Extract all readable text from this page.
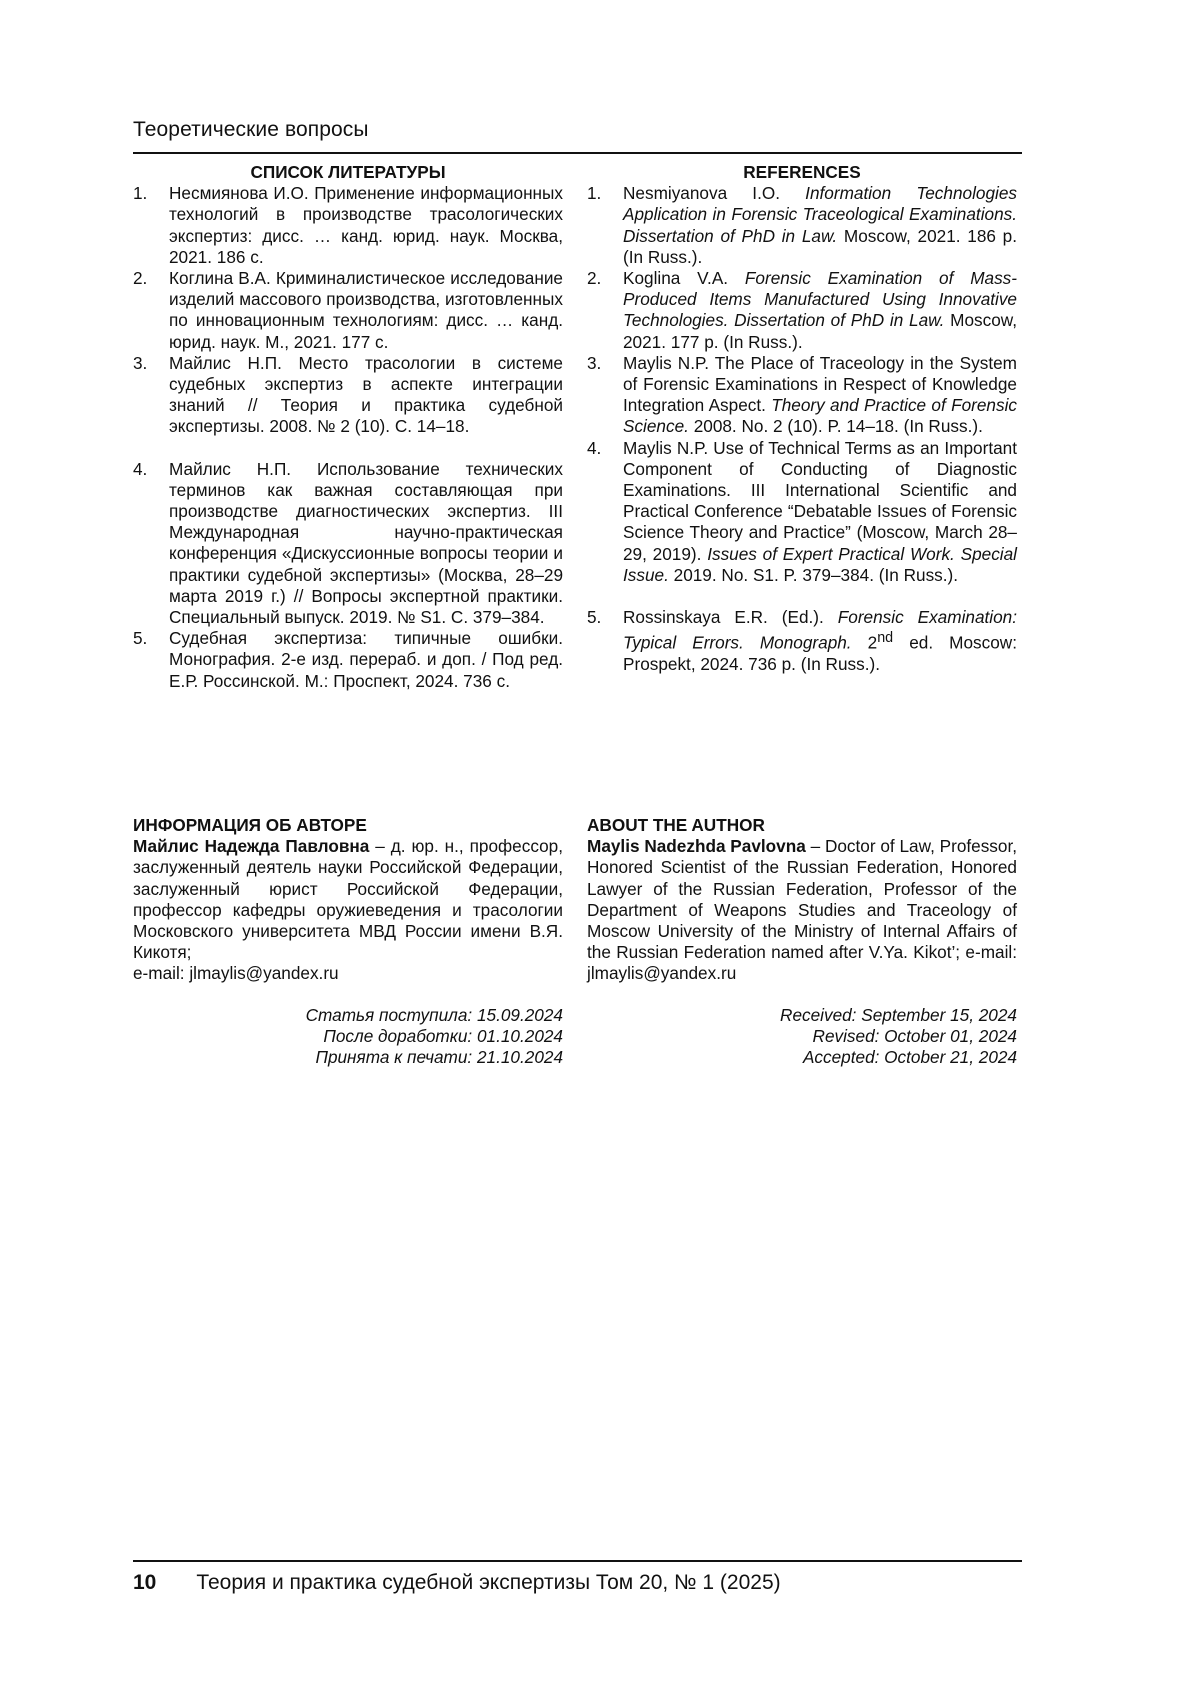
Теоретические вопросы

СПИСОК ЛИТЕРАТУРЫ

1. Несмиянова И.О. Применение информационных технологий в производстве трасологических экспертиз: дисс. … канд. юрид. наук. Москва, 2021. 186 с.
2. Коглина В.А. Криминалистическое исследование изделий массового производства, изготовленных по инновационным технологиям: дисс. … канд. юрид. наук. М., 2021. 177 с.
3. Майлис Н.П. Место трасологии в системе судебных экспертиз в аспекте интеграции знаний // Теория и практика судебной экспертизы. 2008. № 2 (10). С. 14–18.
4. Майлис Н.П. Использование технических терминов как важная составляющая при производстве диагностических экспертиз. III Международная научно-практическая конференция «Дискуссионные вопросы теории и практики судебной экспертизы» (Москва, 28–29 марта 2019 г.) // Вопросы экспертной практики. Специальный выпуск. 2019. № S1. С. 379–384.
5. Судебная экспертиза: типичные ошибки. Монография. 2-е изд. перераб. и доп. / Под ред. Е.Р. Россинской. М.: Проспект, 2024. 736 с.

REFERENCES

1. Nesmiyanova I.O. Information Technologies Application in Forensic Traceological Examinations. Dissertation of PhD in Law. Moscow, 2021. 186 p. (In Russ.).
2. Koglina V.A. Forensic Examination of Mass-Produced Items Manufactured Using Innovative Technologies. Dissertation of PhD in Law. Moscow, 2021. 177 p. (In Russ.).
3. Maylis N.P. The Place of Traceology in the System of Forensic Examinations in Respect of Knowledge Integration Aspect. Theory and Practice of Forensic Science. 2008. No. 2 (10). P. 14–18. (In Russ.).
4. Maylis N.P. Use of Technical Terms as an Important Component of Conducting of Diagnostic Examinations. III International Scientific and Practical Conference “Debatable Issues of Forensic Science Theory and Practice” (Moscow, March 28–29, 2019). Issues of Expert Practical Work. Special Issue. 2019. No. S1. P. 379–384. (In Russ.).
5. Rossinskaya E.R. (Ed.). Forensic Examination: Typical Errors. Monograph. 2nd ed. Moscow: Prospekt, 2024. 736 p. (In Russ.).
ИНФОРМАЦИЯ ОБ АВТОРЕ
Майлис Надежда Павловна – д. юр. н., профессор, заслуженный деятель науки Российской Федерации, заслуженный юрист Российской Федерации, профессор кафедры оружиеведения и трасологии Московского университета МВД России имени В.Я. Кикотя;
e-mail: jlmaylis@yandex.ru
ABOUT THE AUTHOR
Maylis Nadezhda Pavlovna – Doctor of Law, Professor, Honored Scientist of the Russian Federation, Honored Lawyer of the Russian Federation, Professor of the Department of Weapons Studies and Traceology of Moscow University of the Ministry of Internal Affairs of the Russian Federation named after V.Ya. Kikot’; e-mail: jlmaylis@yandex.ru
Статья поступила: 15.09.2024
После доработки: 01.10.2024
Принята к печати: 21.10.2024
Received: September 15, 2024
Revised: October 01, 2024
Accepted: October 21, 2024
10 Теория и практика судебной экспертизы Том 20, № 1 (2025)
